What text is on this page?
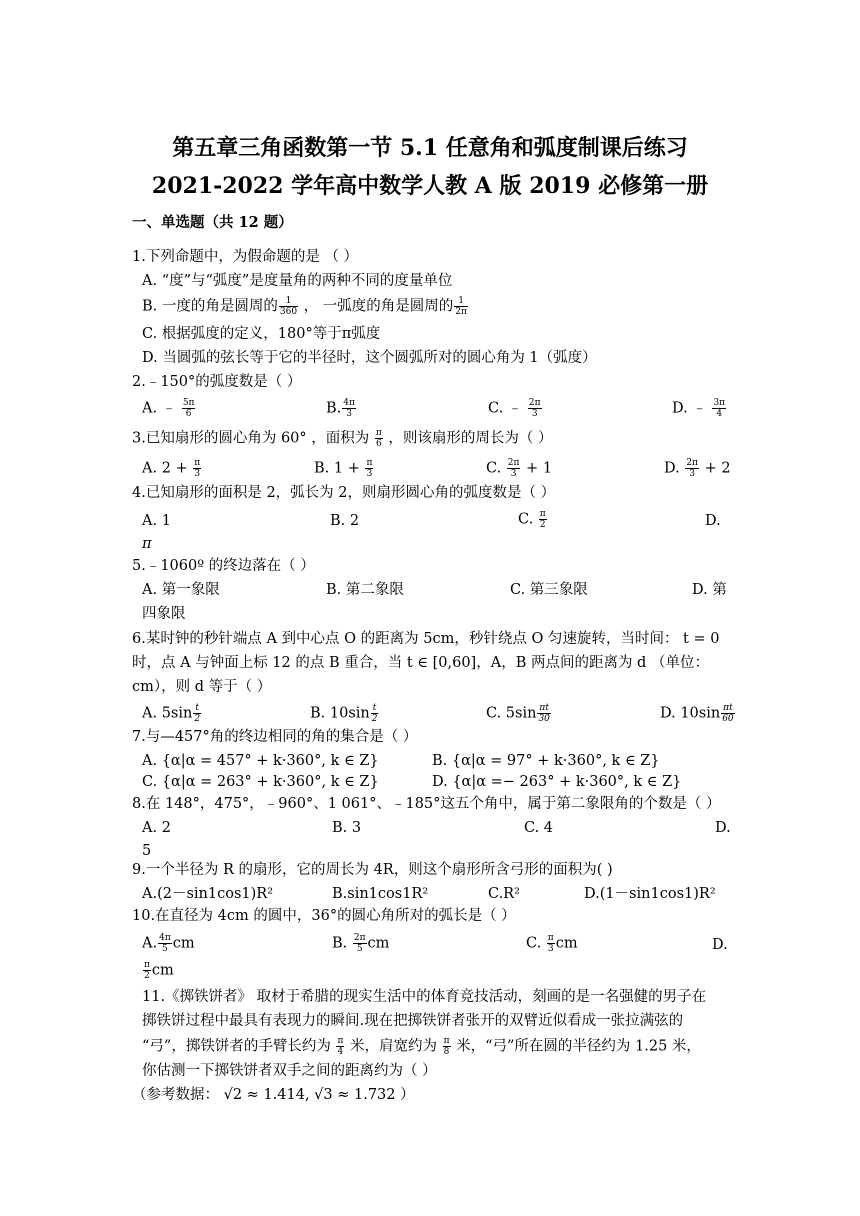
第五章三角函数第一节 5.1 任意角和弧度制课后练习
2021-2022 学年高中数学人教 A 版 2019 必修第一册
一、单选题（共 12 题）
1.下列命题中，为假命题的是 （ ）
A. “度”与“弧度”是度量角的两种不同的度量单位
B. 一度的角是圆周的 $\frac{1}{360}$ ， 一弧度的角是圆周的 $\frac{1}{2\pi}$
C. 根据弧度的定义，180°等于π弧度
D. 当圆弧的弦长等于它的半径时，这个圆弧所对的圆心角为 1（弧度）
2.﹣150°的弧度数是（ ）
A. ﹣ $\frac{5\pi}{6}$	B. $\frac{4\pi}{3}$	C. ﹣ $\frac{2\pi}{3}$	D. ﹣ $\frac{3\pi}{4}$
3.已知扇形的圆心角为 60° ，面积为 $\frac{\pi}{6}$ ，则该扇形的周长为（ ）
A. $2 + \frac{\pi}{3}$	B. $1 + \frac{\pi}{3}$	C. $\frac{2\pi}{3} + 1$	D. $\frac{2\pi}{3} + 2$
4.已知扇形的面积是 2，弧长为 2，则扇形圆心角的弧度数是（ ）
A. 1	B. 2	C. $\frac{\pi}{2}$	D.
π
5.﹣1060º 的终边落在（ ）
A. 第一象限	B. 第二象限	C. 第三象限	D. 第
四象限
6.某时钟的秒针端点 A 到中心点 O 的距离为 5cm，秒针绕点 O 匀速旋转，当时间： t = 0
时，点 A 与钟面上标 12 的点 B 重合，当 t ∈ [0,60]，A，B 两点间的距离为 d （单位：
cm），则 d 等于（ ）
A. $5\sin \frac{t}{2}$	B. $10\sin \frac{t}{2}$	C. $5\sin \frac{\pi t}{30}$	D. $10\sin \frac{\pi t}{60}$
7.与—457°角的终边相同的角的集合是（ ）
A. {α|α = 457° + k·360°, k ∈ Z}	B. {α|α = 97° + k·360°, k ∈ Z}
C. {α|α = 263° + k·360°, k ∈ Z}	D. {α|α =− 263° + k·360°, k ∈ Z}
8.在 148°，475°，﹣960°、1 061°、﹣185°这五个角中，属于第二象限角的个数是（ ）
A. 2	B. 3	C. 4	D.
5
9.一个半径为 R 的扇形，它的周长为 4R，则这个扇形所含弓形的面积为( )
A.(2－sin1cos1)R²	B.sin1cos1R²	C.R²	D.(1－sin1cos1)R²
10.在直径为 4cm 的圆中，36°的圆心角所对的弧长是（ ）
A. $\frac{4\pi}{5}$ cm	B. $\frac{2\pi}{5}$ cm	C. $\frac{\pi}{3}$ cm	D.
$\frac{\pi}{2}$ cm
11.《掷铁饼者》 取材于希腊的现实生活中的体育竞技活动，刻画的是一名强健的男子在
掷铁饼过程中最具有表现力的瞬间.现在把掷铁饼者张开的双臂近似看成一张拉满弦的
“弓”，掷铁饼者的手臂长约为 $\frac{\pi}{4}$ 米，肩宽约为 $\frac{\pi}{8}$ 米，“弓”所在圆的半径约为 1.25 米，
你估测一下掷铁饼者双手之间的距离约为（ ）
（参考数据： √2 ≈ 1.414, √3 ≈ 1.732 ）
